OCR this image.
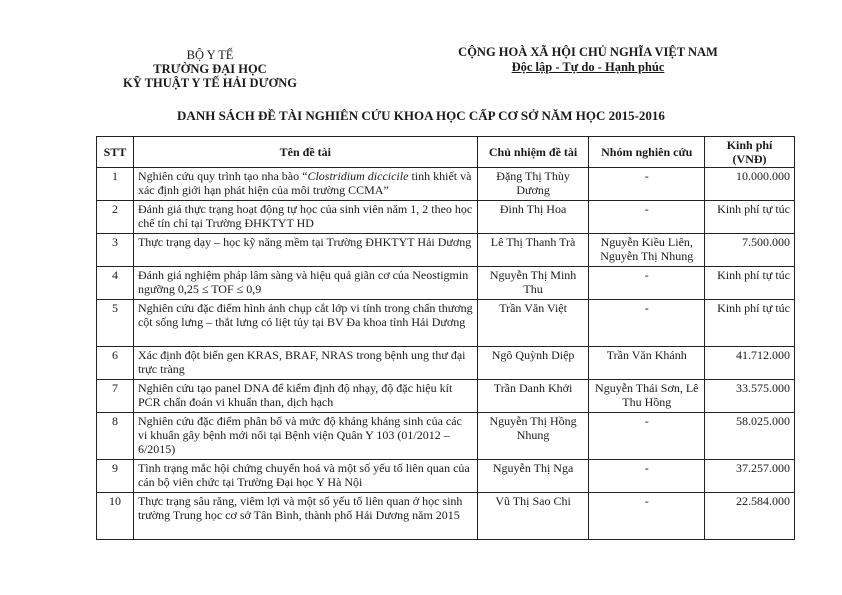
BỘ Y TẾ
TRƯỜNG ĐẠI HỌC
KỸ THUẬT Y TẾ HẢI DƯƠNG
CỘNG HOÀ XÃ HỘI CHỦ NGHĨA VIỆT NAM
Độc lập - Tự do - Hạnh phúc
DANH SÁCH ĐỀ TÀI NGHIÊN CỨU KHOA HỌC CẤP CƠ SỞ NĂM HỌC 2015-2016
STT	Tên đề tài	Chủ nhiệm đề tài	Nhóm nghiên cứu	Kinh phí (VNĐ)
1	Nghiên cứu quy trình tạo nha bào “Clostridium diccicile tinh khiết và xác định giới hạn phát hiện của môi trường CCMA”	Đặng Thị Thùy Dương	-	10.000.000
2	Đánh giá thực trạng hoạt động tự học của sinh viên năm 1, 2 theo học chế tín chỉ tại Trường ĐHKTYT HD	Đinh Thị Hoa	-	Kinh phí tự túc
3	Thực trạng dạy – học kỹ năng mềm tại Trường ĐHKTYT Hải Dương	Lê Thị Thanh Trà	Nguyễn Kiều Liên, Nguyễn Thị Nhung	7.500.000
4	Đánh giá nghiệm pháp lâm sàng và hiệu quả giãn cơ của Neostigmin ngưỡng 0,25 ≤ TOF ≤ 0,9	Nguyễn Thị Minh Thu	-	Kinh phí tự túc
5	Nghiên cứu đặc điểm hình ảnh chụp cắt lớp vi tính trong chấn thương cột sống lưng – thắt lưng có liệt tủy tại BV Đa khoa tỉnh Hải Dương	Trần Văn Việt	-	Kinh phí tự túc
6	Xác định đột biến gen KRAS, BRAF, NRAS trong bệnh ung thư đại trực tràng	Ngô Quỳnh Diệp	Trần Văn Khánh	41.712.000
7	Nghiên cứu tạo panel DNA để kiểm định độ nhạy, độ đặc hiệu kít PCR chẩn đoán vi khuẩn than, dịch hạch	Trần Danh Khởi	Nguyễn Thái Sơn, Lê Thu Hồng	33.575.000
8	Nghiên cứu đặc điểm phân bố và mức độ kháng kháng sinh của các vi khuẩn gây bệnh mới nổi tại Bệnh viện Quân Y 103 (01/2012 – 6/2015)	Nguyễn Thị Hồng Nhung	-	58.025.000
9	Tình trạng mắc hội chứng chuyển hoá và một số yếu tố liên quan của cán bộ viên chức tại Trường Đại học Y Hà Nội	Nguyễn Thị Nga	-	37.257.000
10	Thực trạng sâu răng, viêm lợi và một số yếu tố liên quan ở học sinh trường Trung học cơ sở Tân Bình, thành phố Hải Dương năm 2015	Vũ Thị Sao Chi	-	22.584.000
